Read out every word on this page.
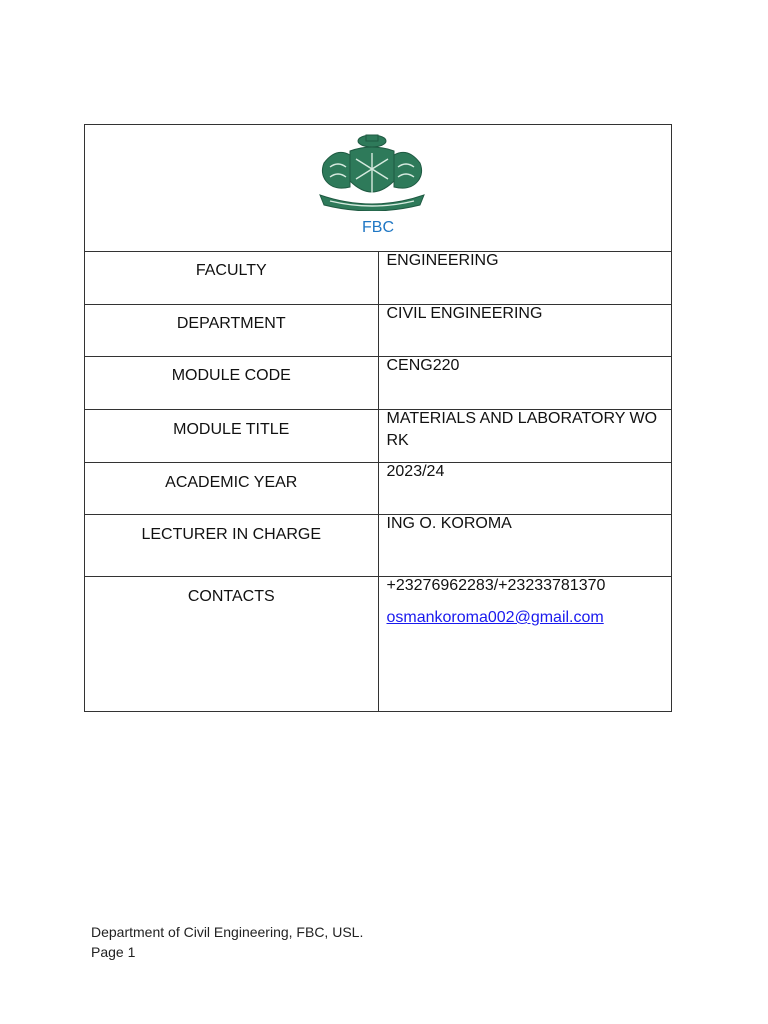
FBC	

FACULTY	ENGINEERING

DEPARTMENT	CIVIL ENGINEERING

MODULE CODE	CENG220

MODULE TITLE	MATERIALS AND LABORATORY WORK

ACADEMIC YEAR	2023/24

LECTURER IN CHARGE	ING O. KOROMA

CONTACTS	+23276962283/+23233781370
osmankoroma002@gmail.com
Department of Civil Engineering, FBC, USL.
Page 1
